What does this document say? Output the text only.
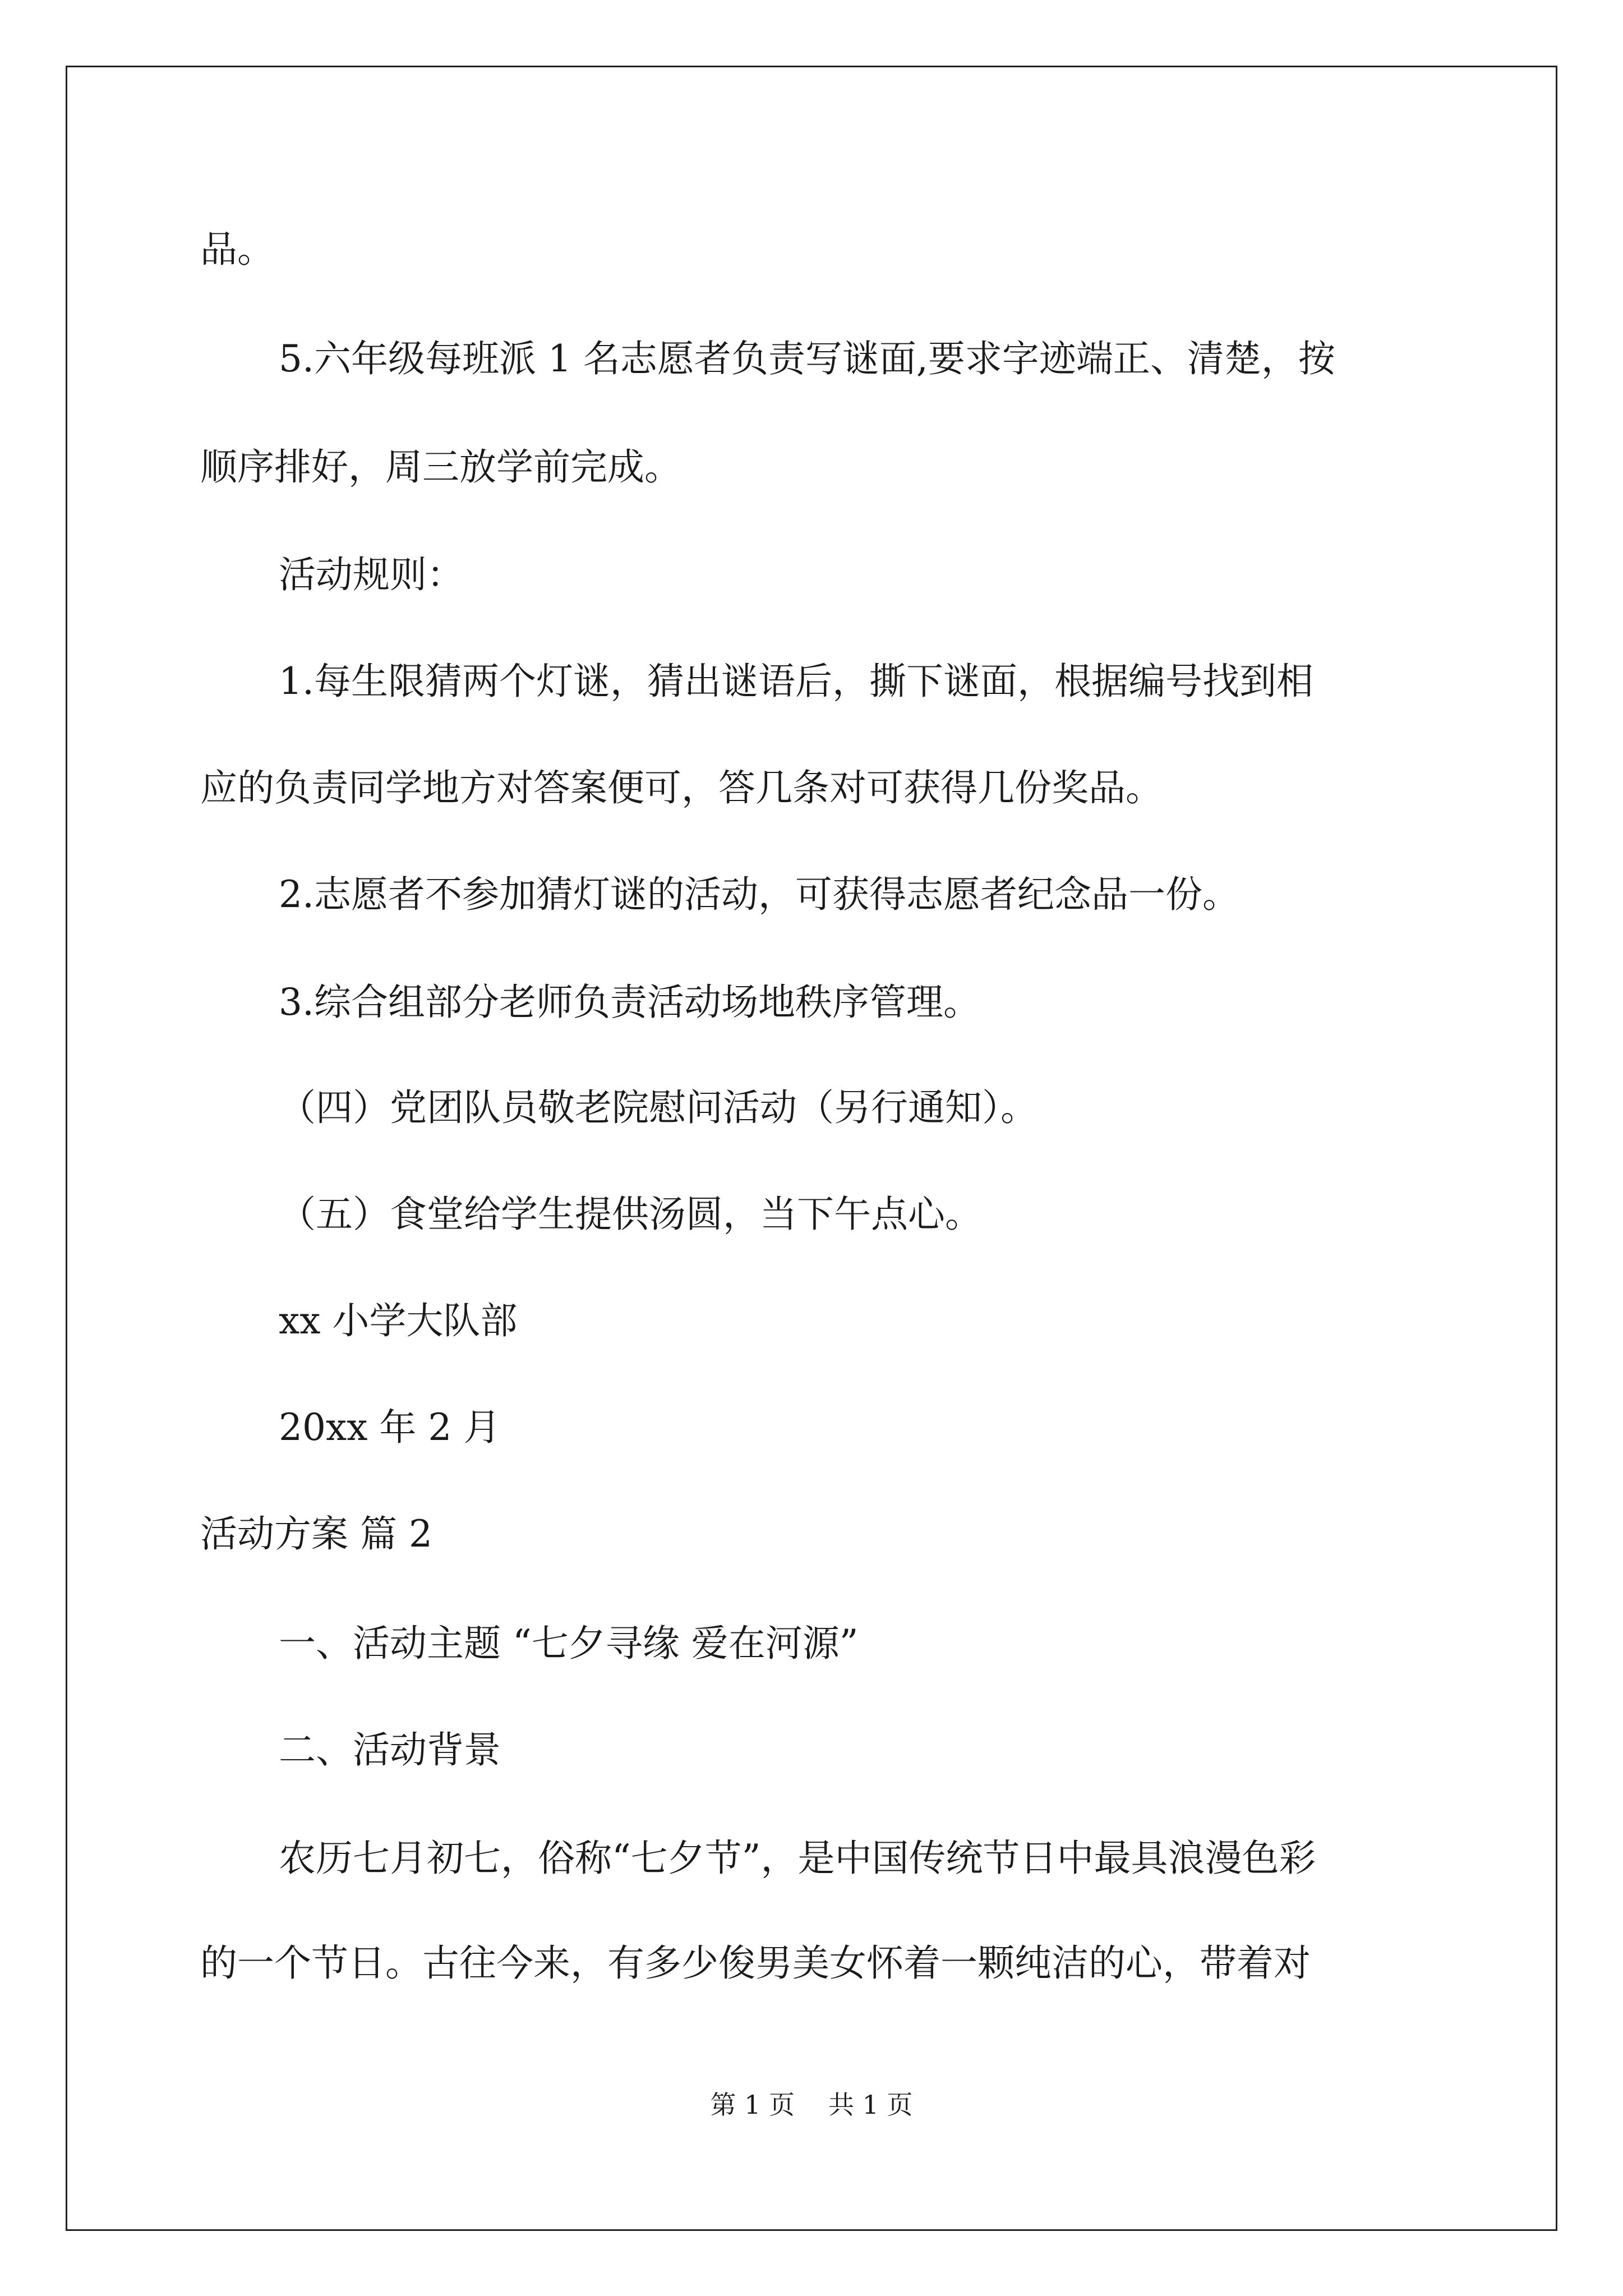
品。

5.六年级每班派 1 名志愿者负责写谜面,要求字迹端正、清楚，按

顺序排好，周三放学前完成。

活动规则：

1.每生限猜两个灯谜，猜出谜语后，撕下谜面，根据编号找到相

应的负责同学地方对答案便可，答几条对可获得几份奖品。

2.志愿者不参加猜灯谜的活动，可获得志愿者纪念品一份。

3.综合组部分老师负责活动场地秩序管理。

（四）党团队员敬老院慰问活动（另行通知）。

（五）食堂给学生提供汤圆，当下午点心。

xx 小学大队部

20xx 年 2 月

活动方案 篇 2

一、活动主题 “七夕寻缘 爱在河源”

二、活动背景

农历七月初七，俗称“七夕节”，是中国传统节日中最具浪漫色彩

的一个节日。古往今来，有多少俊男美女怀着一颗纯洁的心，带着对

第 1 页 共 1 页
